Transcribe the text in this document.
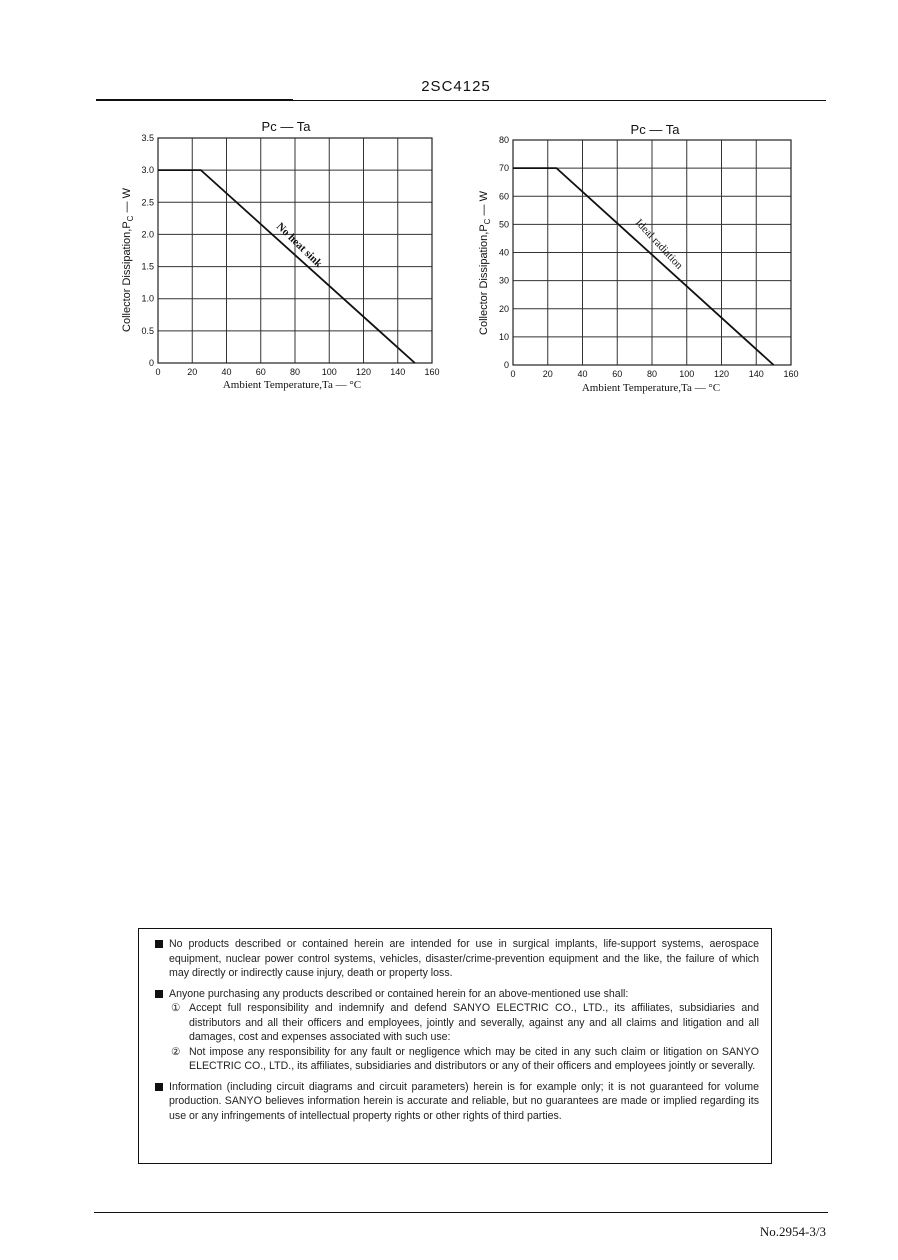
2SC4125
Pc — Ta
0	20	40	60	80 100 120 140 160
0
0.5
1.0
1.5
2.0
2.5
3.0
3.5
Collector $Dissipation,P_C$ — W
Ambient Temperature,Ta — °C
No heat sink
Pc — Ta
0	20	40	60	80 100 120 140 160
0
10
20
30
40
50
60
70
80
Collector $Dissipation,P_C$ — W
Ambient Temperature,Ta — °C
Ideal radiation
No products described or contained herein are intended for use in surgical implants, life-support systems, aerospace equipment, nuclear power control systems, vehicles, disaster/crime-prevention equipment and the like, the failure of which may directly or indirectly cause injury, death or property loss.
Anyone purchasing any products described or contained herein for an above-mentioned use shall:
① Accept full responsibility and indemnify and defend SANYO ELECTRIC CO., LTD., its affiliates, subsidiaries and distributors and all their officers and employees, jointly and severally, against any and all claims and litigation and all damages, cost and expenses associated with such use:
② Not impose any responsibility for any fault or negligence which may be cited in any such claim or litigation on SANYO ELECTRIC CO., LTD., its affiliates, subsidiaries and distributors or any of their officers and employees jointly or severally.
Information (including circuit diagrams and circuit parameters) herein is for example only; it is not guaranteed for volume production. SANYO believes information herein is accurate and reliable, but no guarantees are made or implied regarding its use or any infringements of intellectual property rights or other rights of third parties.
No.2954-3/3
